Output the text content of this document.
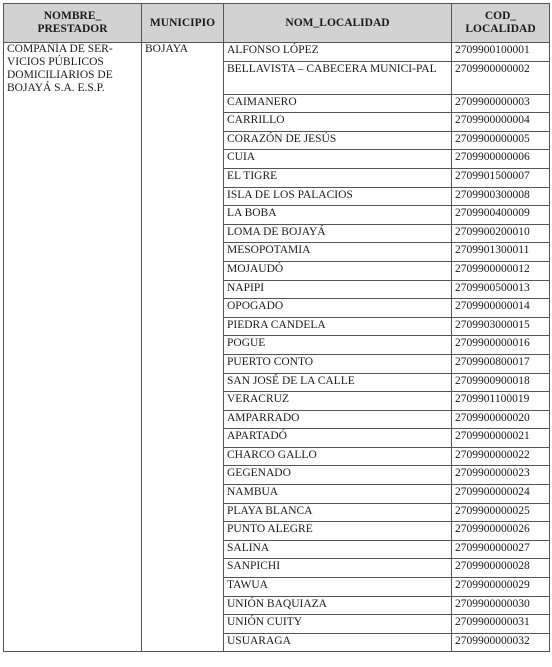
NOMBRE_
PRESTADOR	MUNICIPIO	NOM_LOCALIDAD	COD_
LOCALIDAD

COMPAÑÍA DE SER-
VICIOS PÚBLICOS
DOMICILIARIOS DE
BOJAYÁ S.A. E.S.P.	BOJAYA	ALFONSO LÓPEZ	2709900100001
		BELLAVISTA – CABECERA MUNICI-PAL	2709900000002
		CAIMANERO	2709900000003
		CARRILLO	2709900000004
		CORAZÓN DE JESÚS	2709900000005
		CUIA	2709900000006
		EL TIGRE	2709901500007
		ISLA DE LOS PALACIOS	2709900300008
		LA BOBA	2709900400009
		LOMA DE BOJAYÁ	2709900200010
		MESOPOTAMIA	2709901300011
		MOJAUDÓ	2709900000012
		NAPIPI	2709900500013
		OPOGADO	2709900000014
		PIEDRA CANDELA	2709903000015
		POGUE	2709900000016
		PUERTO CONTO	2709900800017
		SAN JOSÉ DE LA CALLE	2709900900018
		VERACRUZ	2709901100019
		AMPARRADO	2709900000020
		APARTADÓ	2709900000021
		CHARCO GALLO	2709900000022
		GEGENADO	2709900000023
		NAMBUA	2709900000024
		PLAYA BLANCA	2709900000025
		PUNTO ALEGRE	2709900000026
		SALINA	2709900000027
		SANPICHI	2709900000028
		TAWUA	2709900000029
		UNIÓN BAQUIAZA	2709900000030
		UNIÓN CUITY	2709900000031
		USUARAGA	2709900000032
